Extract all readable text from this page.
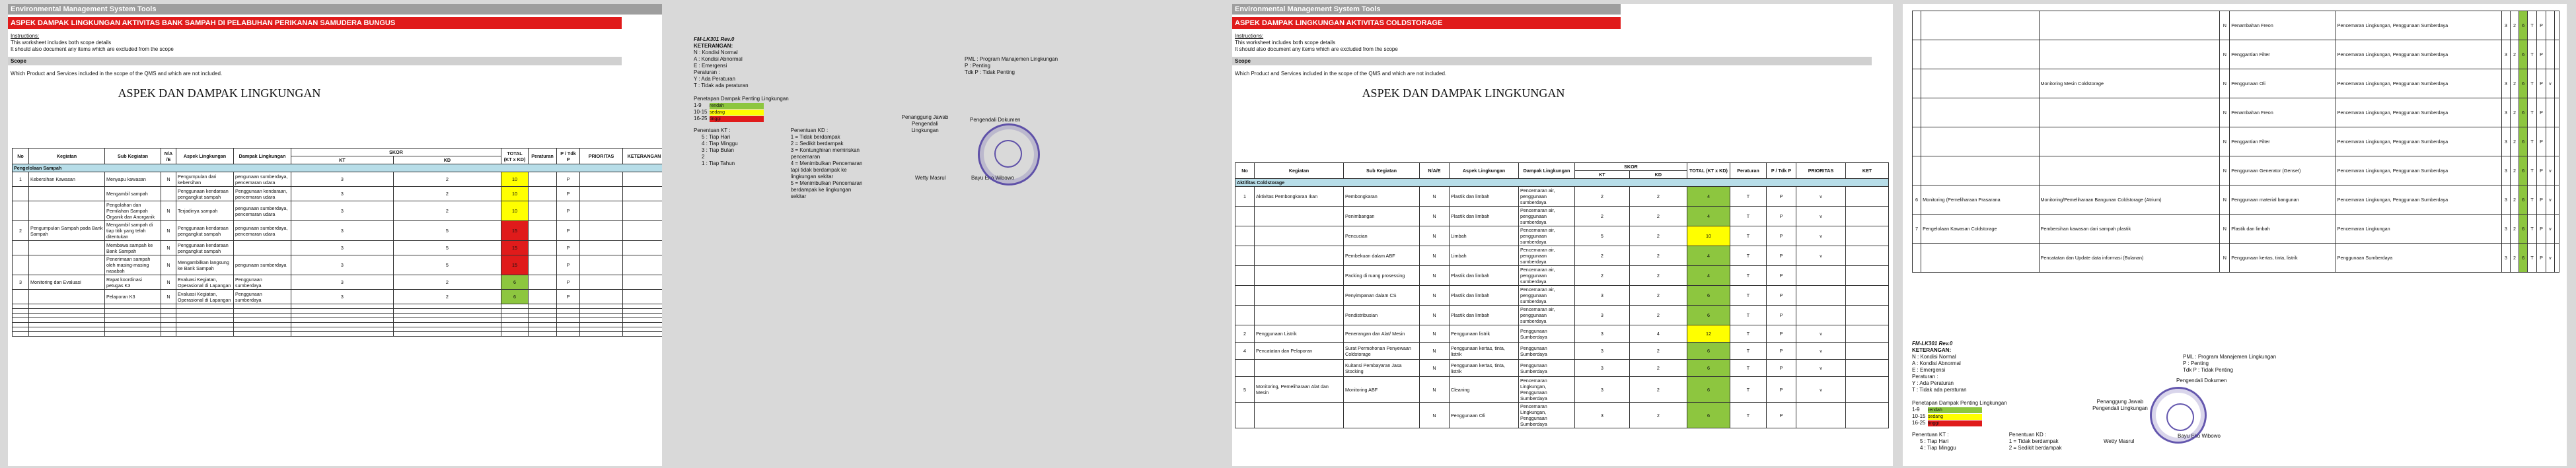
Environmental Management System Tools
ASPEK DAMPAK LINGKUNGAN AKTIVITAS BANK SAMPAH DI PELABUHAN PERIKANAN SAMUDERA BUNGUS

Instructions:

This worksheet includes both scope details

It should also document any items which are excluded from the scope

Scope

Which Product and Services included in the scope of the QMS and which are not included.

ASPEK DAN DAMPAK LINGKUNGAN
No	Kegiatan	Sub Kegiatan	N/A /E	Aspek Lingkungan	Dampak Lingkungan	SKOR		TOTAL (KT x KD)	Peraturan	P / Tdk P	PRIORITAS	KETERANGAN
						KT	KD					
Pengelolaan Sampah												
1	Kebersihan Kawasan	Menyapu kawasan	N	Pengumpulan dari kebersihan	pengunaan sumberdaya, pencemaran udara	3	2	10		P		
		Mengambil sampah		Penggunaan kendaraan pengangkut sampah	Penggunaan kendaraan, pencemaran udara	3	2	10		P		
		Pengolahan dan Pemilahan Sampah Organik dan Anorganik	N	Terjadinya sampah	pengunaan sumberdaya, pencemaran udara	3	2	10		P		
2	Pengumpulan Sampah pada Bank Sampah	Mengambil sampah di tiap titik yang telah ditentukan	N	Penggunaan kendaraan pengangkut sampah	pengunaan sumberdaya, pencemaran udara	3	5	15		P		
		Membawa sampah ke Bank Sampah	N	Penggunaan kendaraan pengangkut sampah		3	5	15		P		
		Penerimaan sampah oleh masing-masing nasabah	N	Mengambilkan langsung ke Bank Sampah	pengunaan sumberdaya	3	5	15		P		
3	Monitoring dan Evaluasi	Rapat koordinasi petugas K3	N	Evaluasi Kegiatan, Operasional di Lapangan	Penggunaan sumberdaya	3	2	6		P		
		Pelaporan K3	N	Evaluasi Kegiatan, Operasional di Lapangan	Penggunaan sumberdaya	3	2	6		P		

FM-LK301 Rev.0
KETERANGAN:
N : Kondisi Normal
A : Kondisi Abnormal
E : Emergensi
Peraturan :
Y : Ada Peraturan
T : Tidak ada peraturan
PML : Program Manajemen Lingkungan
P : Penting
Tdk P : Tidak Penting
Penetapan Dampak Penting Lingkungan
1-9 rendah
10-15 sedang
16-25 tinggi
Penentuan KT :
5 : Tiap Hari
4 : Tiap Minggu
3 : Tiap Bulan
2
1 : Tiap Tahun
Penentuan KD :
1 = Tidak berdampak
2 = Sedikit berdampak
3 = Kontunghiran memiriskan pencemaran
4 = Menimbulkan Pencemaran tapi tidak berdampak ke lingkungan sekitar
5 = Menimbulkan Pencemaran berdampak ke lingkungan sekitar
Penanggung Jawab Pengendali Lingkungan
Wetty Masrul
Pengendali Dokumen
Bayu Eko Wibowo
Environmental Management System Tools
ASPEK DAMPAK LINGKUNGAN AKTIVITAS COLDSTORAGE

Instructions:

This worksheet includes both scope details

It should also document any items which are excluded from the scope

Scope

Which Product and Services included in the scope of the QMS and which are not included.

ASPEK DAN DAMPAK LINGKUNGAN
No	Kegiatan	Sub Kegiatan	N/A/E	Aspek Lingkungan	Dampak Lingkungan	SKOR		TOTAL (KT x KD)	Peraturan	P / Tdk P	PRIORITAS	KET
						KT	KD					
Aktifitas Coldstorage												
1	Aktivitas Pembongkaran Ikan	Pembongkaran	N	Plastik dan limbah	Pencemaran air, penggunaan sumberdaya	2	2	4	T	P	v	
		Penimbangan	N	Plastik dan limbah	Pencemaran air, penggunaan sumberdaya	2	2	4	T	P	v	
		Pencucian	N	Limbah	Pencemaran air, penggunaan sumberdaya	5	2	10	T	P	v	
		Pembekuan dalam ABF	N	Limbah	Pencemaran air, penggunaan sumberdaya	2	2	4	T	P	v	
		Packing di ruang prosessing	N	Plastik dan limbah	Pencemaran air, penggunaan sumberdaya	2	2	4	T	P		
		Penyimpanan dalam CS	N	Plastik dan limbah	Pencemaran air, penggunaan sumberdaya	3	2	6	T	P		
		Pendistribusian	N	Plastik dan limbah	Pencemaran air, penggunaan sumberdaya	3	2	6	T	P		
2	Penggunaan Listrik	Penerangan dan Alat/ Mesin	N	Penggunaan listrik	Penggunaan Sumberdaya	3	4	12	T	P	v	
4	Pencatatan dan Pelaporan	Surat Permohonan Penyewaan Coldstorage	N	Penggunaan kertas, tinta, listrik	Penggunaan Sumberdaya	3	2	6	T	P	v	
		Kuitansi Pembayaran Jasa Stocking	N	Penggunaan kertas, tinta, listrik	Penggunaan Sumberdaya	3	2	6	T	P	v	
5	Monitoring, Pemeliharaan Alat dan Mesin	Monitoring ABF	N	Cleaning	Pencemaran Lingkungan, Penggunaan Sumberdaya	3	2	6	T	P	v	
			N	Penggunaan Oli	Pencemaran Lingkungan, Penggunaan Sumberdaya	3	2	6	T	P		
			N	Penambahan Freon	Pencemaran Lingkungan, Penggunaan Sumberdaya	3	2	6	T	P		
			N	Penggantian Filter	Pencemaran Lingkungan, Penggunaan Sumberdaya	3	2	6	T	P		
		Monitoring Mesin Coldstorage	N	Penggunaan Oli	Pencemaran Lingkungan, Penggunaan Sumberdaya	3	2	6	T	P	v	
			N	Penambahan Freon	Pencemaran Lingkungan, Penggunaan Sumberdaya	3	2	6	T	P		
			N	Penggantian Filter	Pencemaran Lingkungan, Penggunaan Sumberdaya	3	2	6	T	P		
			N	Penggunaan Generator (Genset)	Pencemaran Lingkungan, Penggunaan Sumberdaya	3	2	6	T	P	v	
6	Monitoring (Pemeliharaan Prasarana	Monitoring/Pemeliharaan Bangunan Coldstorage (Atrium)	N	Penggunaan material bangunan	Pencemaran Lingkungan, Penggunaan Sumberdaya	3	2	6	T	P	v	
7	Pengelolaan Kawasan Coldstorage	Pembersihan kawasan dari sampah plastik	N	Plastik dan limbah	Pencemaran Lingkungan	3	2	6	T	P	v	
		Pencatatan dan Update data informasi (Bulanan)	N	Penggunaan kertas, tinta, listrik	Penggunaan Sumberdaya	3	2	6	T	P	v	
FM-LK301 Rev.0
KETERANGAN:
N : Kondisi Normal
A : Kondisi Abnormal
E : Emergensi
Peraturan :
Y : Ada Peraturan
T : Tidak ada peraturan
PML : Program Manajemen Lingkungan
P : Penting
Tdk P : Tidak Penting
Penetapan Dampak Penting Lingkungan
1-9 rendah
10-15 sedang
16-25 tinggi
Penentuan KT :
5 : Tiap Hari
4 : Tiap Minggu
Penentuan KD :
1 = Tidak berdampak
2 = Sedikit berdampak
Penanggung Jawab Pengendali Lingkungan
Wetty Masrul
Pengendali Dokumen
Bayu Eko Wibowo
